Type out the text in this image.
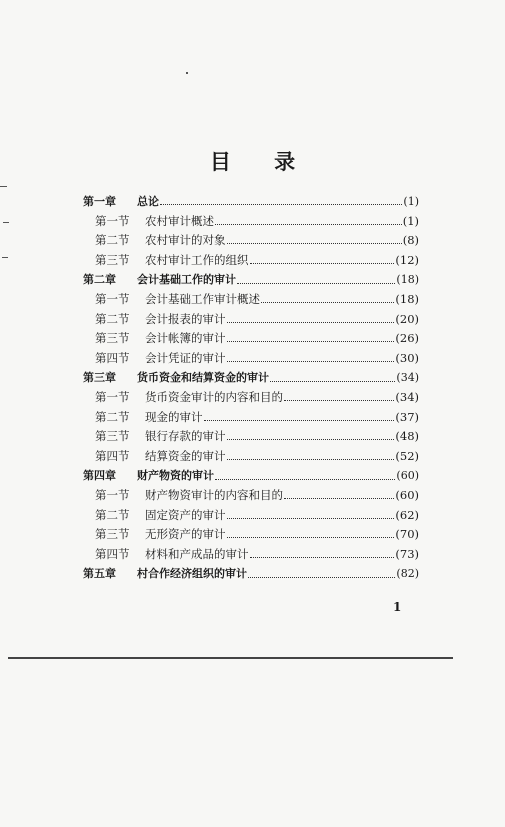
目 录
第一章	总论	(1)
第一节	农村审计概述	(1)
第二节	农村审计的对象	(8)
第三节	农村审计工作的组织	(12)
第二章	会计基础工作的审计	(18)
第一节	会计基础工作审计概述	(18)
第二节	会计报表的审计	(20)
第三节	会计帐簿的审计	(26)
第四节	会计凭证的审计	(30)
第三章	货币资金和结算资金的审计	(34)
第一节	货币资金审计的内容和目的	(34)
第二节	现金的审计	(37)
第三节	银行存款的审计	(48)
第四节	结算资金的审计	(52)
第四章	财产物资的审计	(60)
第一节	财产物资审计的内容和目的	(60)
第二节	固定资产的审计	(62)
第三节	无形资产的审计	(70)
第四节	材料和产成品的审计	(73)
第五章	村合作经济组织的审计	(82)
1
